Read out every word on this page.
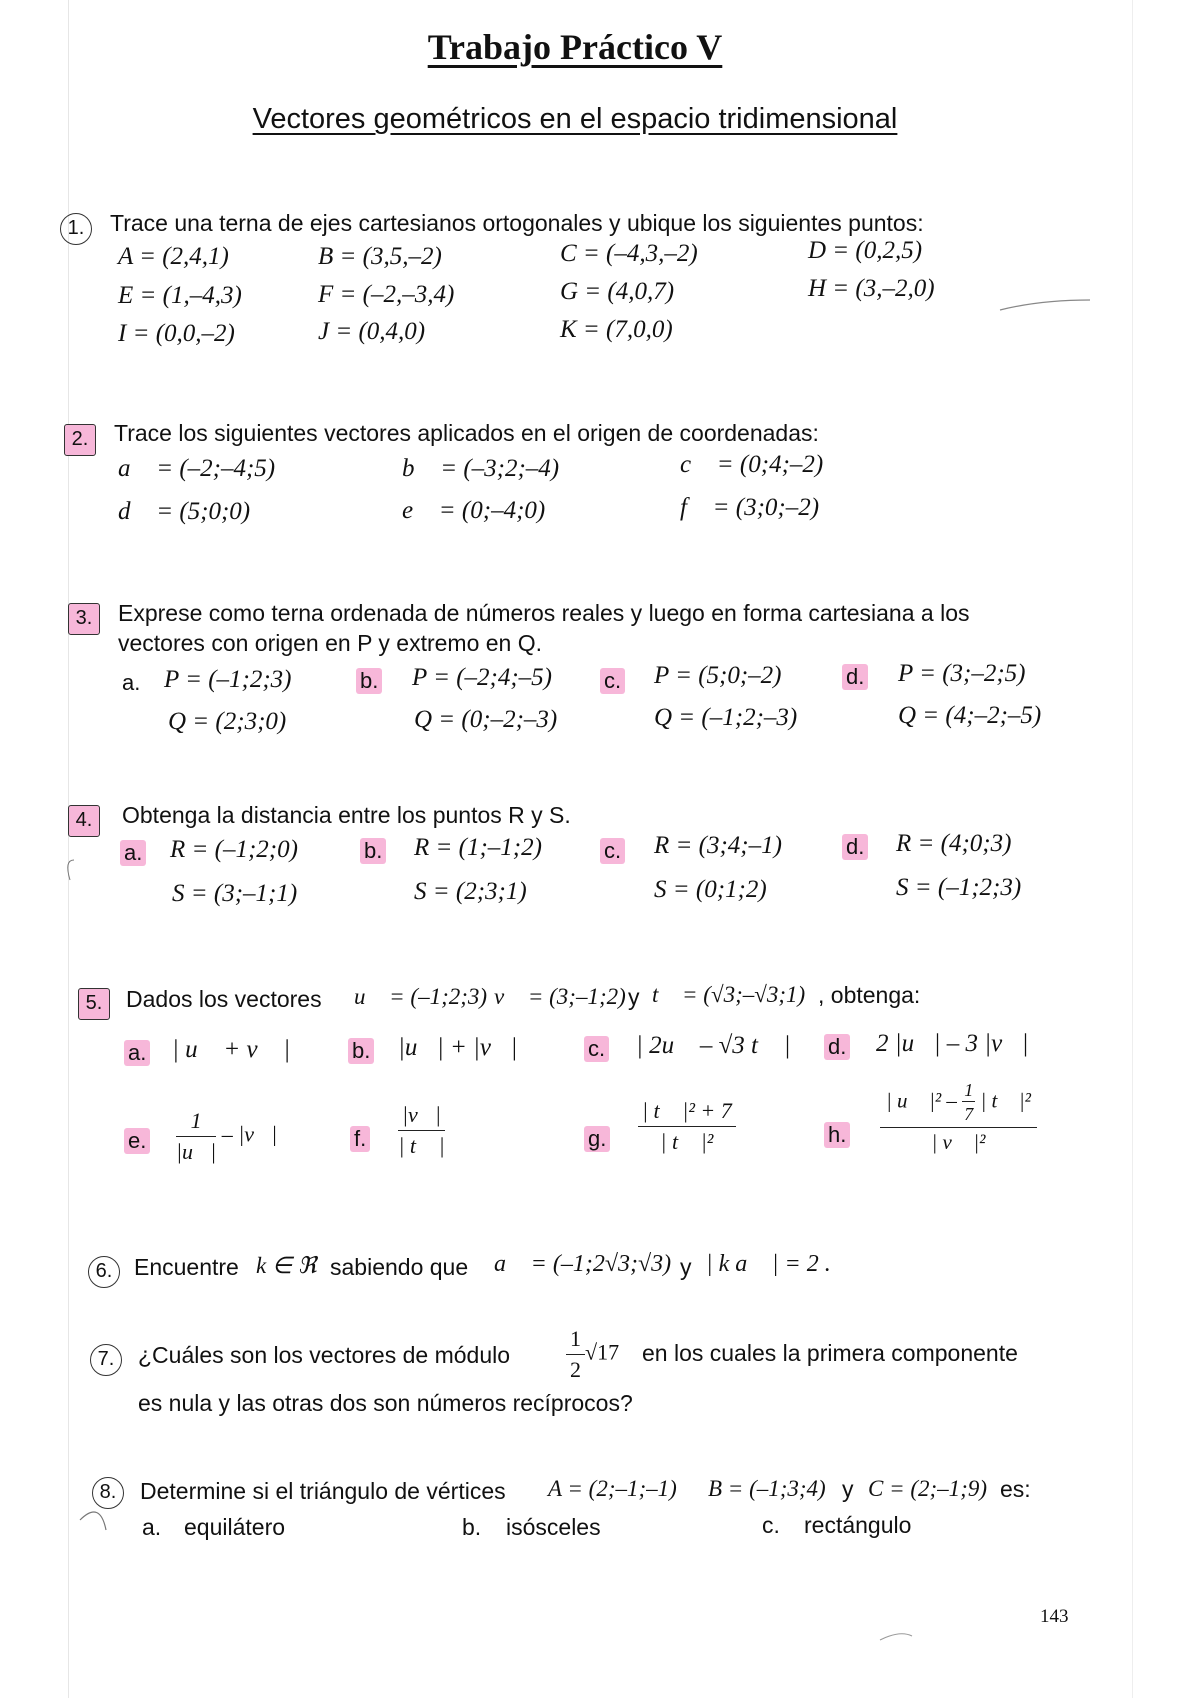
Trabajo Práctico V
Vectores geométricos en el espacio tridimensional
1.	Trace una terna de ejes cartesianos ortogonales y ubique los siguientes puntos:
A = (2,4,1)	B = (3,5,–2)	C = (–4,3,–2)	D = (0,2,5)
E = (1,–4,3)	F = (–2,–3,4)	G = (4,0,7)	H = (3,–2,0)
I = (0,0,–2)	J = (0,4,0)	K = (7,0,0)
2.	Trace los siguientes vectores aplicados en el origen de coordenadas:
a⃗ = (–2;–4;5)	b⃗ = (–3;2;–4)	c⃗ = (0;4;–2)
d⃗ = (5;0;0)	e⃗ = (0;–4;0)	f⃗ = (3;0;–2)
3.	Exprese como terna ordenada de números reales y luego en forma cartesiana a los
vectores con origen en P y extremo en Q.
a. P = (–1;2;3)
Q = (2;3;0)
b. P = (–2;4;–5)
Q = (0;–2;–3)
c. P = (5;0;–2)
Q = (–1;2;–3)
d. P = (3;–2;5)
Q = (4;–2;–5)
4.	Obtenga la distancia entre los puntos R y S.
a. R = (–1;2;0)
S = (3;–1;1)
b. R = (1;–1;2)
S = (2;3;1)
c. R = (3;4;–1)
S = (0;1;2)
d. R = (4;0;3)
S = (–1;2;3)
5.	Dados los vectores u⃗ = (–1;2;3) v⃗ = (3;–1;2) y t⃗ = (√3;–√3;1) , obtenga:
a. | u⃗ + v⃗ |	b. |u⃗| + |v⃗|	c. | 2u⃗ – √3 t⃗ | d. 2 |u⃗| – 3 |v⃗|
e. $\frac{1}{|u⃗|}$ – |v⃗|	f. $\frac{|v⃗|}{| t⃗ |}$	g. $\frac{\text{| t⃗ |² + 7}}{\text{| t⃗ |²}}$	h. $\frac{| u⃗ |^2 - \frac{1}{7} | t⃗ |^2}{\text{| v⃗ |²}}$
6. Encuentre k ∈ ℜ sabiendo que a⃗ = (–1;2√3;√3) y | k a⃗ | = 2 .
7.	¿Cuáles son los vectores de módulo	$\frac{1}{2} √17$ en los cuales la primera componente
es nula y las otras dos son números recíprocos?
8.	Determine si el triángulo de vértices A = (2;–1;–1) B = (–1;3;4) y C = (2;–1;9) es:
a. equilátero	b. isósceles	c. rectángulo
143
